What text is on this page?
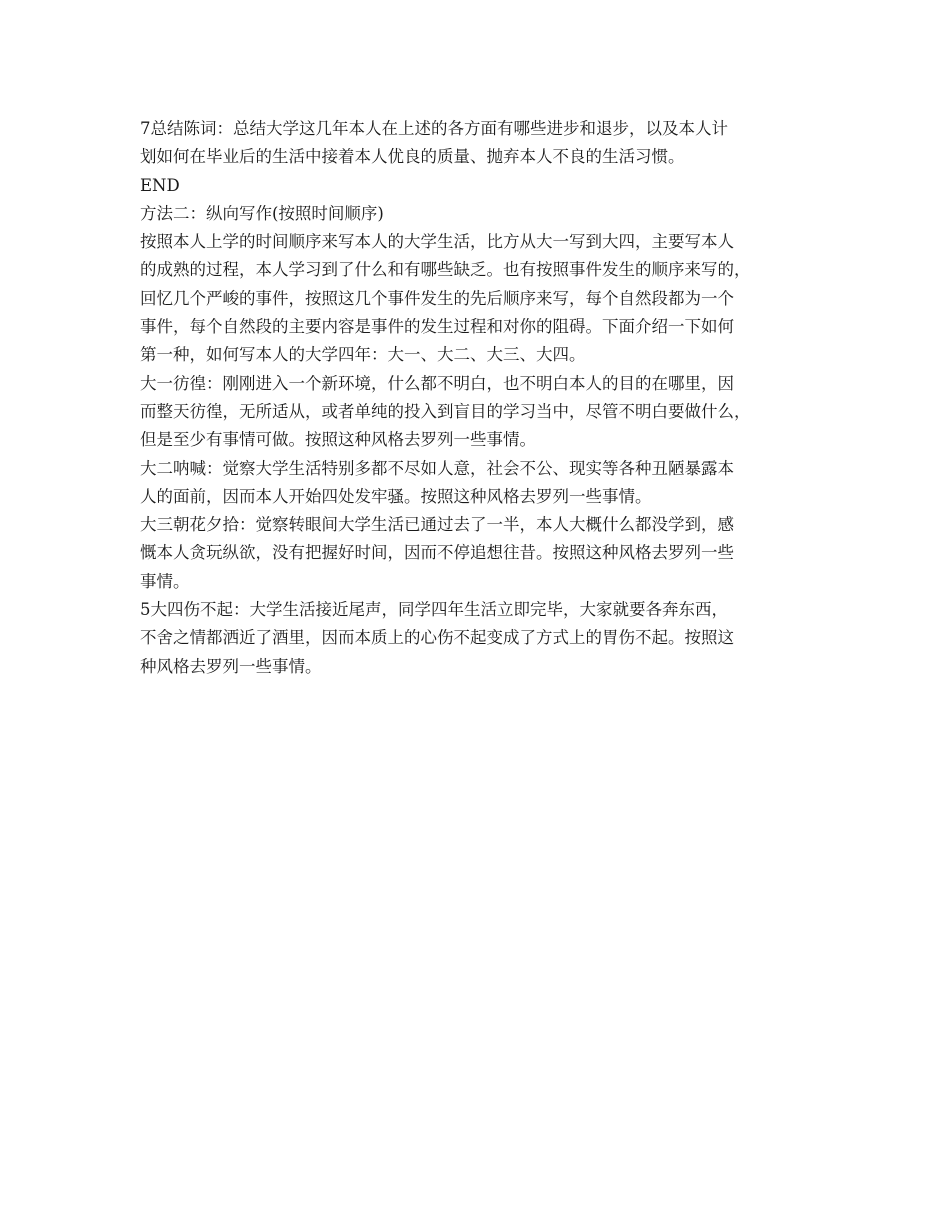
7总结陈词：总结大学这几年本人在上述的各方面有哪些进步和退步，以及本人计
划如何在毕业后的生活中接着本人优良的质量、抛弃本人不良的生活习惯。
END
方法二：纵向写作(按照时间顺序)
按照本人上学的时间顺序来写本人的大学生活，比方从大一写到大四，主要写本人
的成熟的过程，本人学习到了什么和有哪些缺乏。也有按照事件发生的顺序来写的，
回忆几个严峻的事件，按照这几个事件发生的先后顺序来写，每个自然段都为一个
事件，每个自然段的主要内容是事件的发生过程和对你的阻碍。下面介绍一下如何
第一种，如何写本人的大学四年：大一、大二、大三、大四。
大一彷徨：刚刚进入一个新环境，什么都不明白，也不明白本人的目的在哪里，因
而整天彷徨，无所适从，或者单纯的投入到盲目的学习当中，尽管不明白要做什么，
但是至少有事情可做。按照这种风格去罗列一些事情。
大二呐喊：觉察大学生活特别多都不尽如人意，社会不公、现实等各种丑陋暴露本
人的面前，因而本人开始四处发牢骚。按照这种风格去罗列一些事情。
大三朝花夕拾：觉察转眼间大学生活已通过去了一半，本人大概什么都没学到，感
慨本人贪玩纵欲，没有把握好时间，因而不停追想往昔。按照这种风格去罗列一些
事情。
5大四伤不起：大学生活接近尾声，同学四年生活立即完毕，大家就要各奔东西，
不舍之情都洒近了酒里，因而本质上的心伤不起变成了方式上的胃伤不起。按照这
种风格去罗列一些事情。
